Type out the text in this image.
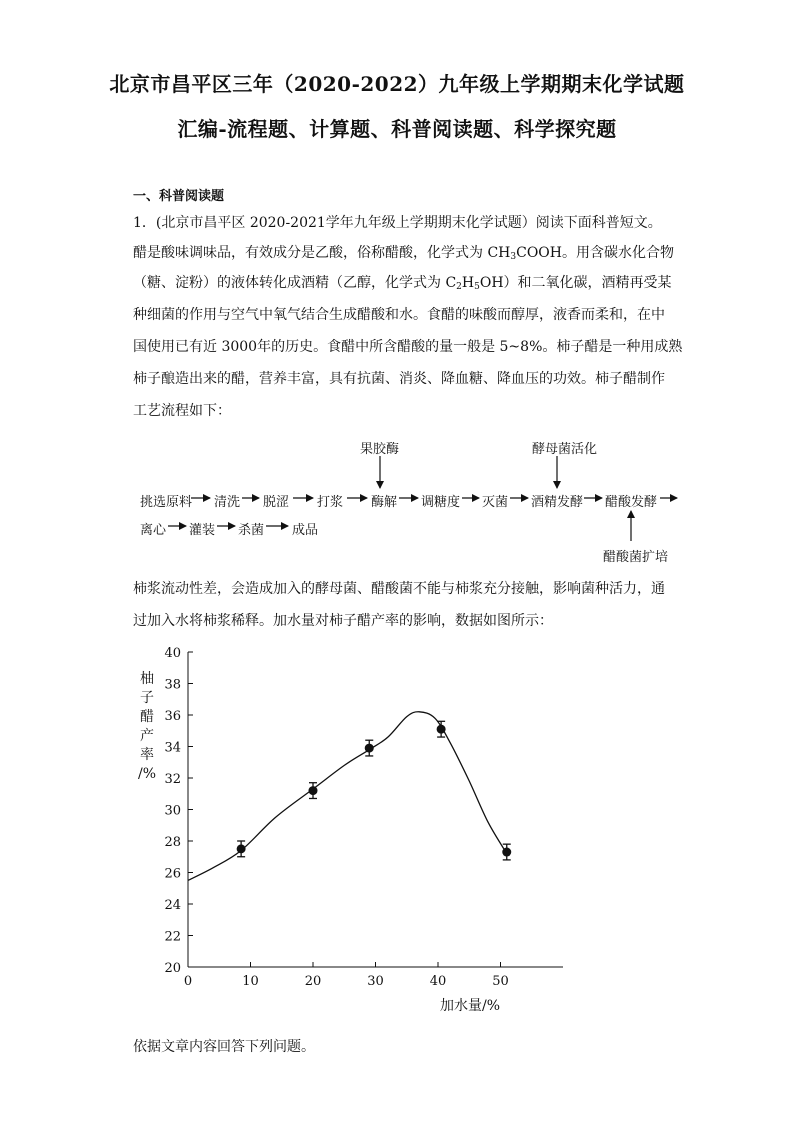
北京市昌平区三年（2020-2022）九年级上学期期末化学试题
汇编-流程题、计算题、科普阅读题、科学探究题
一、科普阅读题
1．(北京市昌平区 2020-2021学年九年级上学期期末化学试题）阅读下面科普短文。
醋是酸味调味品，有效成分是乙酸，俗称醋酸，化学式为 $CH_3COOH$。用含碳水化合物
（糖、淀粉）的液体转化成酒精（乙醇，化学式为 $C_2H_5OH$）和二氧化碳，酒精再受某
种细菌的作用与空气中氧气结合生成醋酸和水。食醋的味酸而醇厚，液香而柔和，在中
国使用已有近 3000年的历史。食醋中所含醋酸的量一般是 5~8%。柿子醋是一种用成熟
柿子酿造出来的醋，营养丰富，具有抗菌、消炎、降血糖、降血压的功效。柿子醋制作
工艺流程如下：
果胶酶	酵母菌活化
挑选原料 清洗 脱涩 打浆 酶解 调糖度 灭菌 酒精发酵 醋酸发酵
离心 灌装 杀菌 成品
醋酸菌扩培
柿浆流动性差，会造成加入的酵母菌、醋酸菌不能与柿浆充分接触，影响菌种活力，通
过加入水将柿浆稀释。加水量对柿子醋产率的影响，数据如图所示：
柚
子
醋
产
率
/%
20
22
24
26
28
30
32
34
36
38
40
0	10	20	30	40	50
加水量/%
依据文章内容回答下列问题。
